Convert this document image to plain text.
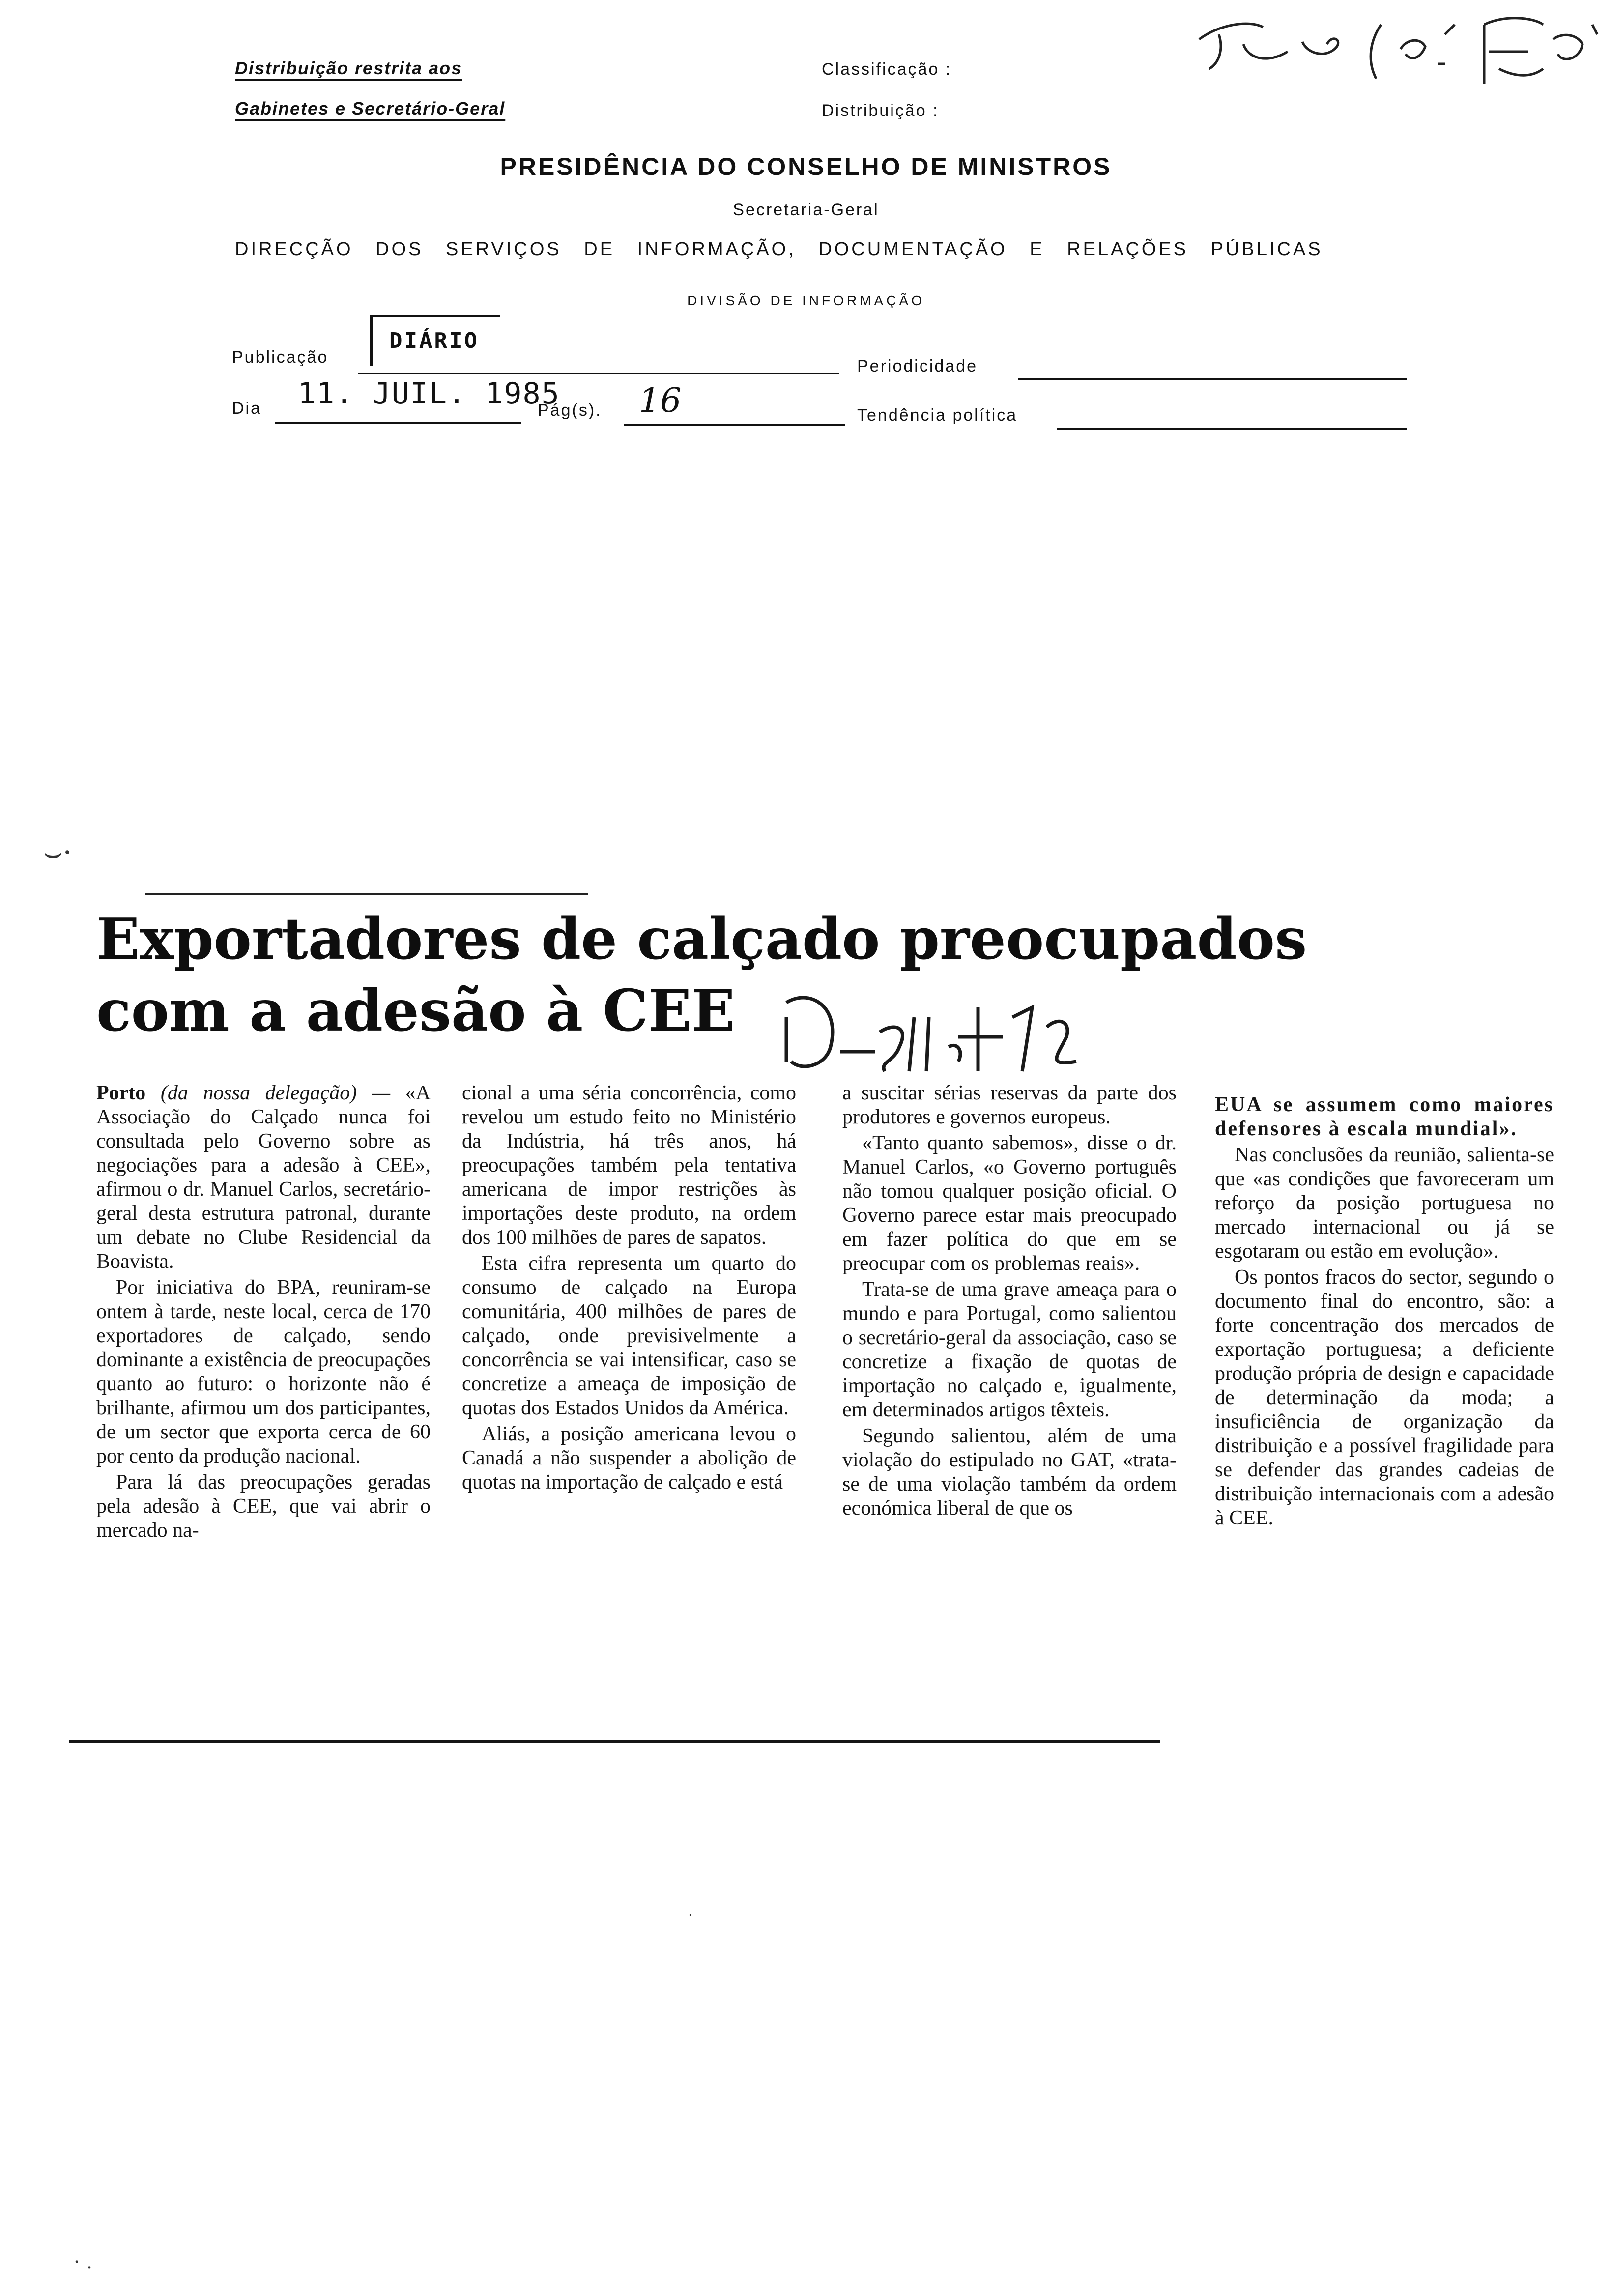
Distribuição restrita aos
Gabinetes e Secretário-Geral
Classificação :
Distribuição :
PRESIDÊNCIA DO CONSELHO DE MINISTROS
Secretaria-Geral
DIRECÇÃO DOS SERVIÇOS DE INFORMAÇÃO, DOCUMENTAÇÃO E RELAÇÕES PÚBLICAS
DIVISÃO DE INFORMAÇÃO
Publicação
DIÁRIO
Periodicidade
Dia 11. JUIL. 1985
Pág(s). 16	Tendência política
⌣·
Exportadores de calçado preocupados
com a adesão à CEE

Porto (da nossa delegação) — «A Associação do Calçado nunca foi consultada pelo Governo sobre as negociações para a adesão à CEE», afirmou o dr. Manuel Carlos, secretário-geral desta estrutura patronal, durante um debate no Clube Residencial da Boavista.

Por iniciativa do BPA, reuniram-se ontem à tarde, neste local, cerca de 170 exportadores de calçado, sendo dominante a existência de preocupações quanto ao futuro: o horizonte não é brilhante, afirmou um dos participantes, de um sector que exporta cerca de 60 por cento da produção nacional.

Para lá das preocupações geradas pela adesão à CEE, que vai abrir o mercado na-

cional a uma séria concorrência, como revelou um estudo feito no Ministério da Indústria, há três anos, há preocupações também pela tentativa americana de impor restrições às importações deste produto, na ordem dos 100 milhões de pares de sapatos.

Esta cifra representa um quarto do consumo de calçado na Europa comunitária, 400 milhões de pares de calçado, onde previsivelmente a concorrência se vai intensificar, caso se concretize a ameaça de imposição de quotas dos Estados Unidos da América.

Aliás, a posição americana levou o Canadá a não suspender a abolição de quotas na importação de calçado e está

a suscitar sérias reservas da parte dos produtores e governos europeus.

«Tanto quanto sabemos», disse o dr. Manuel Carlos, «o Governo português não tomou qualquer posição oficial. O Governo parece estar mais preocupado em fazer política do que em se preocupar com os problemas reais».

Trata-se de uma grave ameaça para o mundo e para Portugal, como salientou o secretário-geral da associação, caso se concretize a fixação de quotas de importação no calçado e, igualmente, em determinados artigos têxteis.

Segundo salientou, além de uma violação do estipulado no GAT, «trata-se de uma violação também da ordem económica liberal de que os

EUA se assumem como maiores defensores à escala mundial».

Nas conclusões da reunião, salienta-se que «as condições que favoreceram um reforço da posição portuguesa no mercado internacional ou já se esgotaram ou estão em evolução».

Os pontos fracos do sector, segundo o documento final do encontro, são: a forte concentração dos mercados de exportação portuguesa; a deficiente produção própria de design e capacidade de determinação da moda; a insuficiência de organização da distribuição e a possível fragilidade para se defender das grandes cadeias de distribuição internacionais com a adesão à CEE.

·
· .
